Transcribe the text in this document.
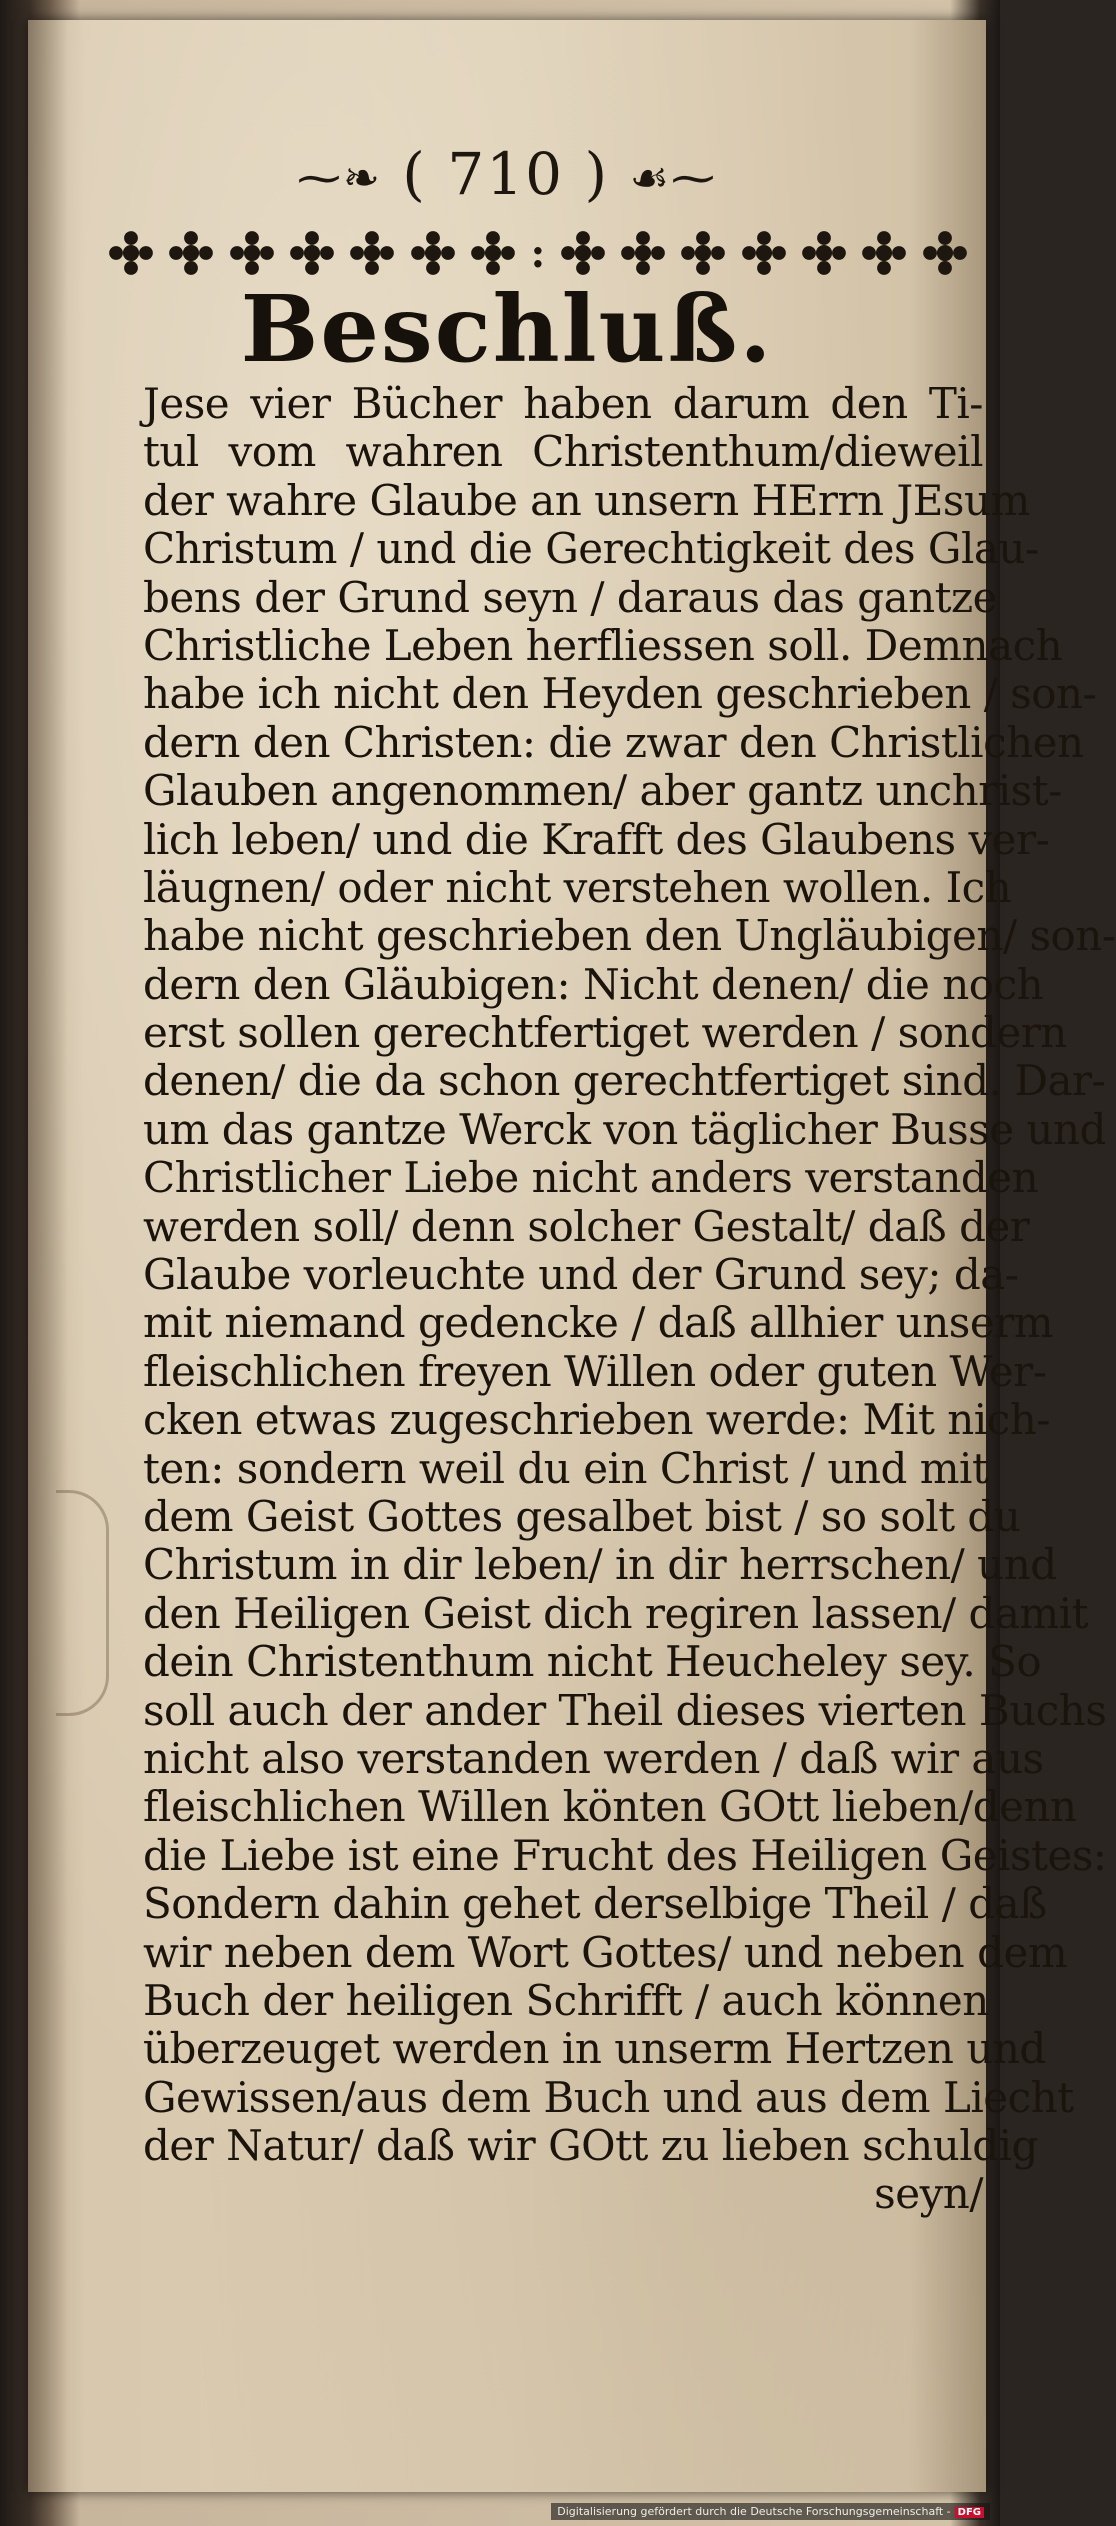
⁓❧ ( 710 ) ☙⁓
:
Beschluß.
Jese vier Bücher haben darum den Ti-
tul vom wahren Christenthum/dieweil
der wahre Glaube an unsern HErrn JEsum
Christum / und die Gerechtigkeit des Glau-
bens der Grund seyn / daraus das gantze
Christliche Leben herfliessen soll. Demnach
habe ich nicht den Heyden geschrieben / son-
dern den Christen: die zwar den Christlichen
Glauben angenommen/ aber gantz unchrist-
lich leben/ und die Krafft des Glaubens ver-
läugnen/ oder nicht verstehen wollen. Ich
habe nicht geschrieben den Ungläubigen/ son-
dern den Gläubigen: Nicht denen/ die noch
erst sollen gerechtfertiget werden / sondern
denen/ die da schon gerechtfertiget sind. Dar-
um das gantze Werck von täglicher Busse und
Christlicher Liebe nicht anders verstanden
werden soll/ denn solcher Gestalt/ daß der
Glaube vorleuchte und der Grund sey; da-
mit niemand gedencke / daß allhier unserm
fleischlichen freyen Willen oder guten Wer-
cken etwas zugeschrieben werde: Mit nich-
ten: sondern weil du ein Christ / und mit
dem Geist Gottes gesalbet bist / so solt du
Christum in dir leben/ in dir herrschen/ und
den Heiligen Geist dich regiren lassen/ damit
dein Christenthum nicht Heucheley sey. So
soll auch der ander Theil dieses vierten Buchs
nicht also verstanden werden / daß wir aus
fleischlichen Willen könten GOtt lieben/denn
die Liebe ist eine Frucht des Heiligen Geistes:
Sondern dahin gehet derselbige Theil / daß
wir neben dem Wort Gottes/ und neben dem
Buch der heiligen Schrifft / auch können
überzeuget werden in unserm Hertzen und
Gewissen/aus dem Buch und aus dem Liecht
der Natur/ daß wir GOtt zu lieben schuldig
seyn/
Digitalisierung gefördert durch die Deutsche Forschungsgemeinschaft - DFG
